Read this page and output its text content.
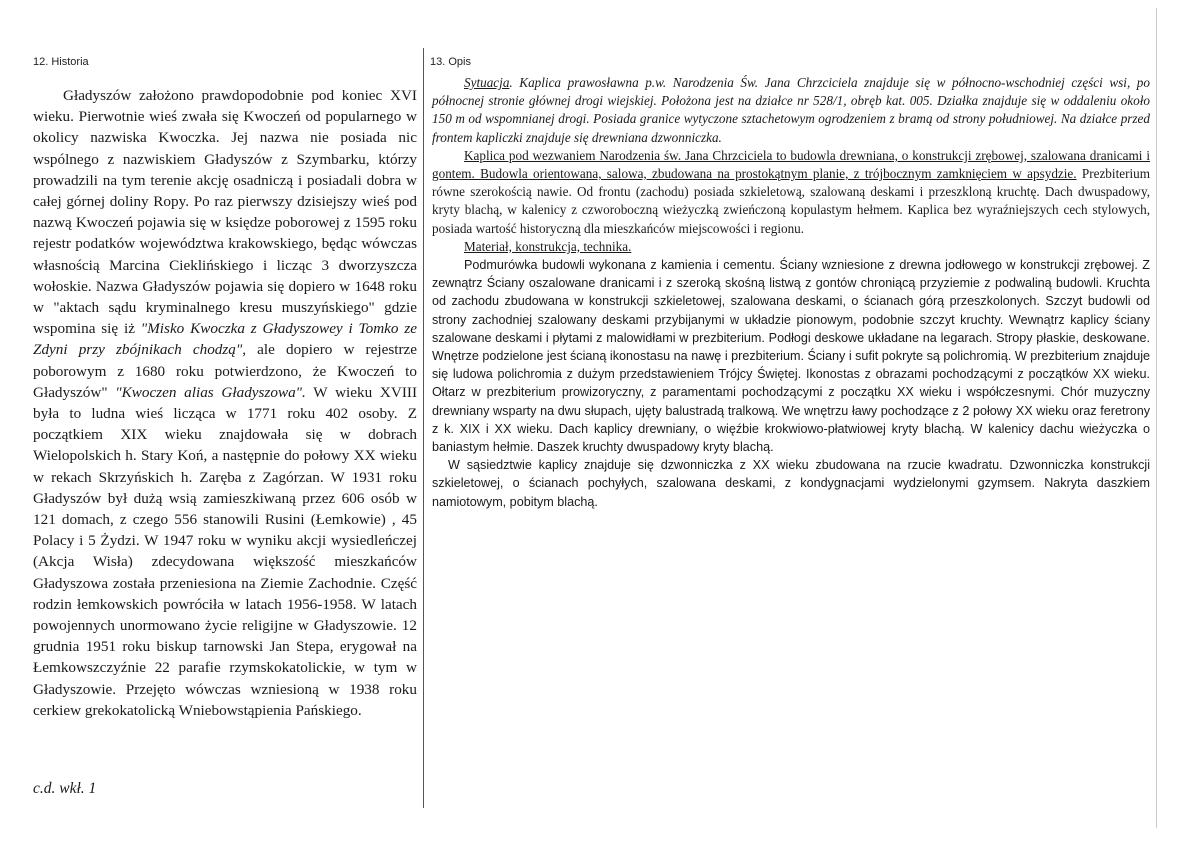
12. Historia	13. Opis

Gładyszów założono prawdopodobnie pod koniec XVI wieku. Pierwotnie wieś zwała się Kwoczeń od popularnego w okolicy nazwiska Kwoczka. Jej nazwa nie posiada nic wspólnego z nazwiskiem Gładyszów z Szymbarku, którzy prowadzili na tym terenie akcję osadniczą i posiadali dobra w całej górnej doliny Ropy. Po raz pierwszy dzisiejszy wieś pod nazwą Kwoczeń pojawia się w księdze poborowej z 1595 roku rejestr podatków województwa krakowskiego, będąc wówczas własnością Marcina Cieklińskiego i licząc 3 dworzyszcza wołoskie. Nazwa Gładyszów pojawia się dopiero w 1648 roku w "aktach sądu kryminalnego kresu muszyńskiego" gdzie wspomina się iż "Misko Kwoczka z Gładyszowey i Tomko ze Zdyni przy zbójnikach chodzą", ale dopiero w rejestrze poborowym z 1680 roku potwierdzono, że Kwoczeń to Gładyszów" "Kwoczen alias Gładyszowa". W wieku XVIII była to ludna wieś licząca w 1771 roku 402 osoby. Z początkiem XIX wieku znajdowała się w dobrach Wielopolskich h. Stary Koń, a następnie do połowy XX wieku w rekach Skrzyńskich h. Zaręba z Zagórzan. W 1931 roku Gładyszów był dużą wsią zamieszkiwaną przez 606 osób w 121 domach, z czego 556 stanowili Rusini (Łemkowie) , 45 Polacy i 5 Żydzi. W 1947 roku w wyniku akcji wysiedleńczej (Akcja Wisła) zdecydowana większość mieszkańców Gładyszowa została przeniesiona na Ziemie Zachodnie. Część rodzin łemkowskich powróciła w latach 1956-1958. W latach powojennych unormowano życie religijne w Gładyszowie. 12 grudnia 1951 roku biskup tarnowski Jan Stepa, erygował na Łemkowszczyźnie 22 parafie rzymskokatolickie, w tym w Gładyszowie. Przejęto wówczas wzniesioną w 1938 roku cerkiew grekokatolicką Wniebowstąpienia Pańskiego.

c.d. wkł. 1

Sytuacja. Kaplica prawosławna p.w. Narodzenia Św. Jana Chrzciciela znajduje się w północno-wschodniej części wsi, po północnej stronie głównej drogi wiejskiej. Położona jest na działce nr 528/1, obręb kat. 005. Działka znajduje się w oddaleniu około 150 m od wspomnianej drogi. Posiada granice wytyczone sztachetowym ogrodzeniem z bramą od strony południowej. Na działce przed frontem kapliczki znajduje się drewniana dzwonniczka.

Kaplica pod wezwaniem Narodzenia św. Jana Chrzciciela to budowla drewniana, o konstrukcji zrębowej, szalowana dranicami i gontem. Budowla orientowana, salowa, zbudowana na prostokątnym planie, z trójbocznym zamknięciem w apsydzie. Prezbiterium równe szerokością nawie. Od frontu (zachodu) posiada szkieletową, szalowaną deskami i przeszkloną kruchtę. Dach dwuspadowy, kryty blachą, w kalenicy z czworoboczną wieżyczką zwieńczoną kopulastym hełmem. Kaplica bez wyraźniejszych cech stylowych, posiada wartość historyczną dla mieszkańców miejscowości i regionu.

Materiał, konstrukcja, technika.

Podmurówka budowli wykonana z kamienia i cementu. Ściany wzniesione z drewna jodłowego w konstrukcji zrębowej. Z zewnątrz Ściany oszalowane dranicami i z szeroką skośną listwą z gontów chroniącą przyziemie z podwaliną budowli. Kruchta od zachodu zbudowana w konstrukcji szkieletowej, szalowana deskami, o ścianach górą przeszkolonych. Szczyt budowli od strony zachodniej szalowany deskami przybijanymi w układzie pionowym, podobnie szczyt kruchty. Wewnątrz kaplicy ściany szalowane deskami i płytami z malowidłami w prezbiterium. Podłogi deskowe układane na legarach. Stropy płaskie, deskowane. Wnętrze podzielone jest ścianą ikonostasu na nawę i prezbiterium. Ściany i sufit pokryte są polichromią. W prezbiterium znajduje się ludowa polichromia z dużym przedstawieniem Trójcy Świętej. Ikonostas z obrazami pochodzącymi z początków XX wieku. Ołtarz w prezbiterium prowizoryczny, z paramentami pochodzącymi z początku XX wieku i współczesnymi. Chór muzyczny drewniany wsparty na dwu słupach, ujęty balustradą tralkową. We wnętrzu ławy pochodzące z 2 połowy XX wieku oraz feretrony z k. XIX i XX wieku. Dach kaplicy drewniany, o więźbie krokwiowo-płatwiowej kryty blachą. W kalenicy dachu wieżyczka o baniastym hełmie. Daszek kruchty dwuspadowy kryty blachą.

W sąsiedztwie kaplicy znajduje się dzwonniczka z XX wieku zbudowana na rzucie kwadratu. Dzwonniczka konstrukcji szkieletowej, o ścianach pochyłych, szalowana deskami, z kondygnacjami wydzielonymi gzymsem. Nakryta daszkiem namiotowym, pobitym blachą.
